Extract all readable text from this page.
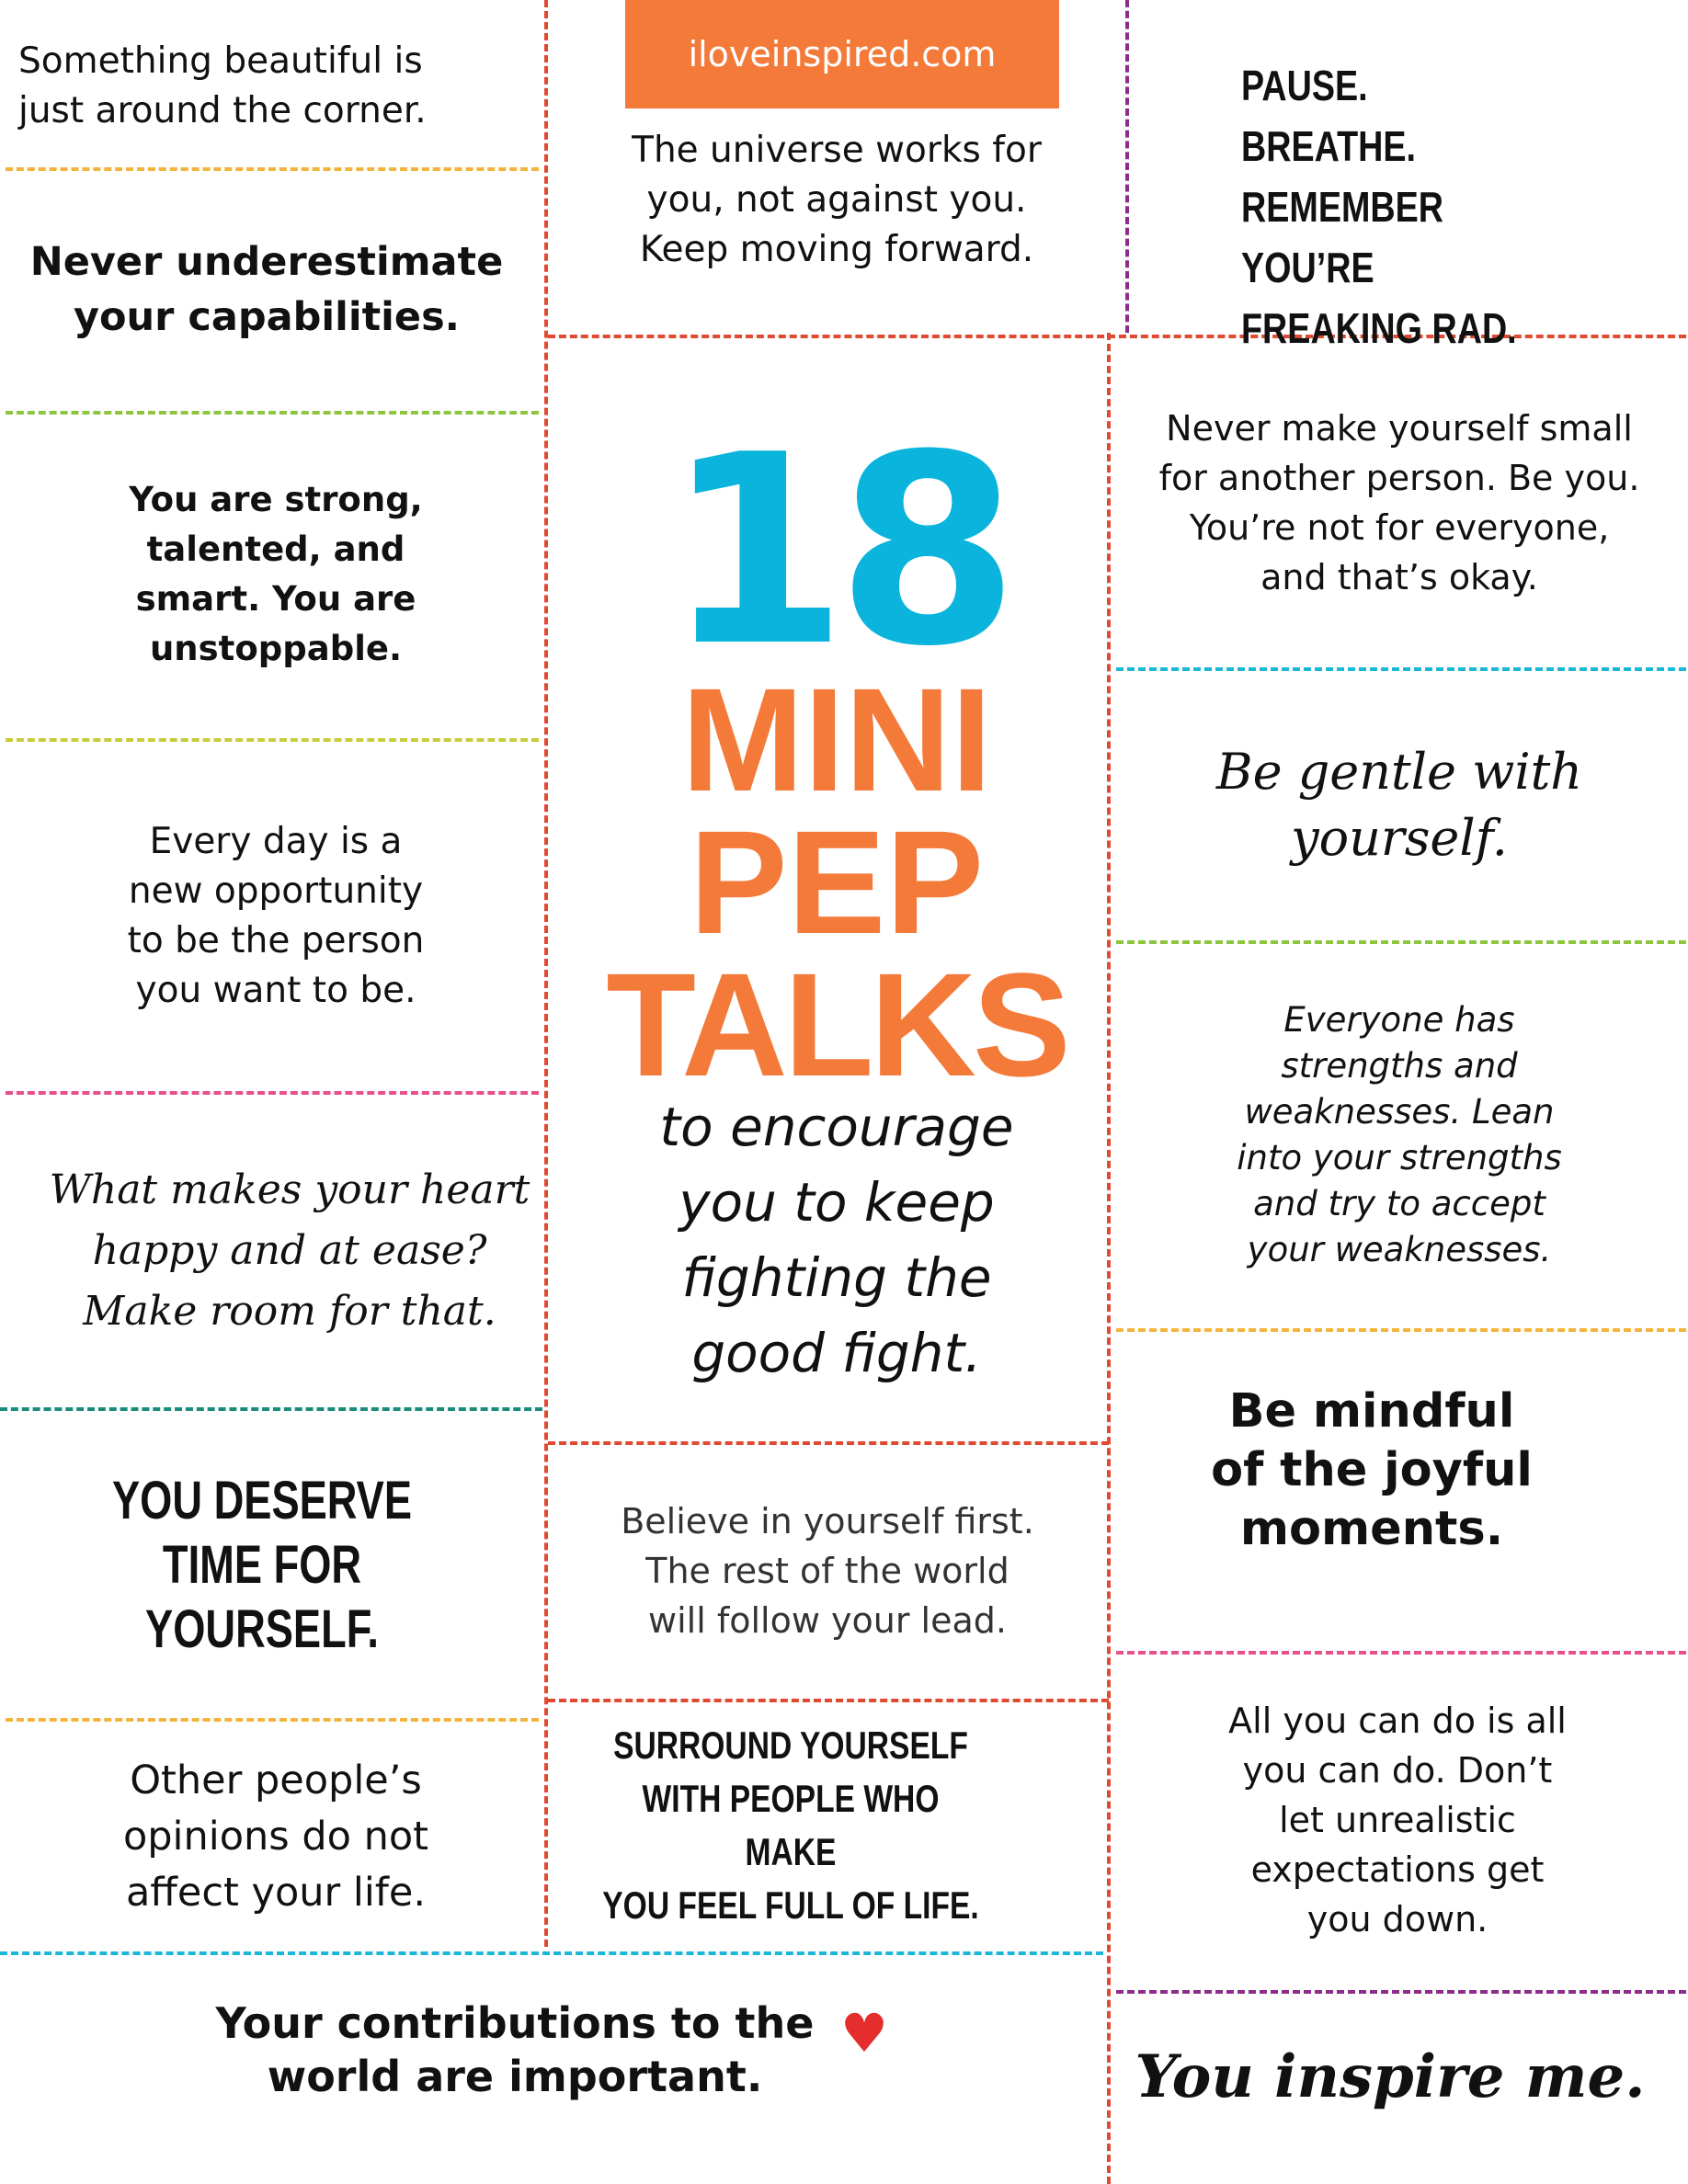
iloveinspired.com
18
MINI
PEP
TALKS
to encourage
you to keep
fighting the
good fight.
Something beautiful is
just around the corner.
Never underestimate
your capabilities.
You are strong,
talented, and
smart. You are
unstoppable.
Every day is a
new opportunity
to be the person
you want to be.
What makes your heart
happy and at ease?
Make room for that.
YOU DESERVE
TIME FOR
YOURSELF.
Other people’s
opinions do not
affect your life.
The universe works for
you, not against you.
Keep moving forward.
Believe in yourself first.
The rest of the world
will follow your lead.
SURROUND YOURSELF
WITH PEOPLE WHO MAKE
YOU FEEL FULL OF LIFE.
PAUSE.
BREATHE.
REMEMBER YOU’RE
FREAKING RAD.
Never make yourself small
for another person. Be you.
You’re not for everyone,
and that’s okay.
Be gentle with
yourself.
Everyone has
strengths and
weaknesses. Lean
into your strengths
and try to accept
your weaknesses.
Be mindful
of the joyful
moments.
All you can do is all
you can do. Don’t
let unrealistic
expectations get
you down.
You inspire me.
Your contributions to the
world are important.
♥
